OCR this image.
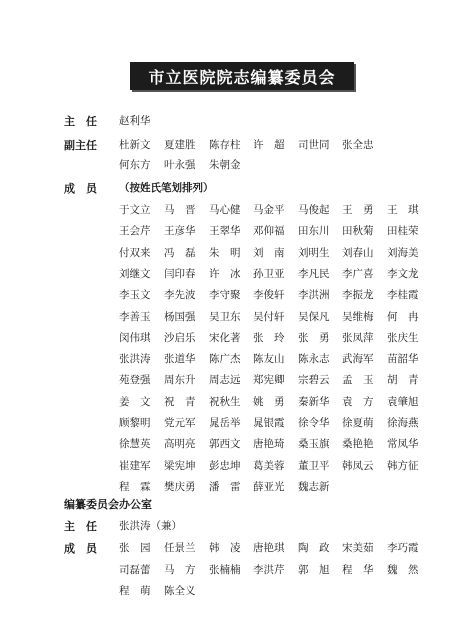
市立医院院志编纂委员会
主　任 赵利华
副主任 杜新文 夏建胜 陈存柱 许　超 司世同 张全忠
何东方 叶永强 朱朝金
成　员 （按姓氏笔划排列）
于文立 马　晋 马心健 马金平 马俊起 王　勇 王　琪
王会芹 王彦华 王翠华 邓仰福 田东川 田秋菊 田桂荣
付双来 冯　磊 朱　明 刘　南 刘明生 刘春山 刘海美
刘继文 闫印春 许　冰 孙卫亚 李凡民 李广喜 李文龙
李玉文 李先波 李守聚 李俊轩 李洪洲 李振龙 李桂霞
李善玉 杨国强 吴卫东 吴付轩 吴保凡 吴维梅 何　冉
闵伟琪 沙启乐 宋化著 张　玲 张　勇 张凤萍 张庆生
张洪涛 张道华 陈广杰 陈友山 陈永志 武海军 苗韶华
苑登强 周东升 周志远 郑宪卿 宗碧云 孟　玉 胡　青
姜　文 祝　青 祝秋生 姚　勇 秦新华 袁　方 袁肇旭
顾黎明 党元军 晁岳举 晁银霞 徐令华 徐夏萌 徐海燕
徐慧英 高明亮 郭西文 唐艳琦 桑玉旗 桑艳艳 常凤华
崔建军 梁宪坤 彭忠坤 葛美蓉 董卫平 韩凤云 韩方征
程　霖 樊庆勇 潘　雷 薛亚光 魏志新
编纂委员会办公室
主　任 张洪涛（兼）
成　员 张　园 任景兰 韩　凌 唐艳琪 陶　政 宋美茹 李巧霞
司磊蕾 马　方 张楠楠 李洪芹 郭　旭 程　华 魏　然
程　萌 陈全义
